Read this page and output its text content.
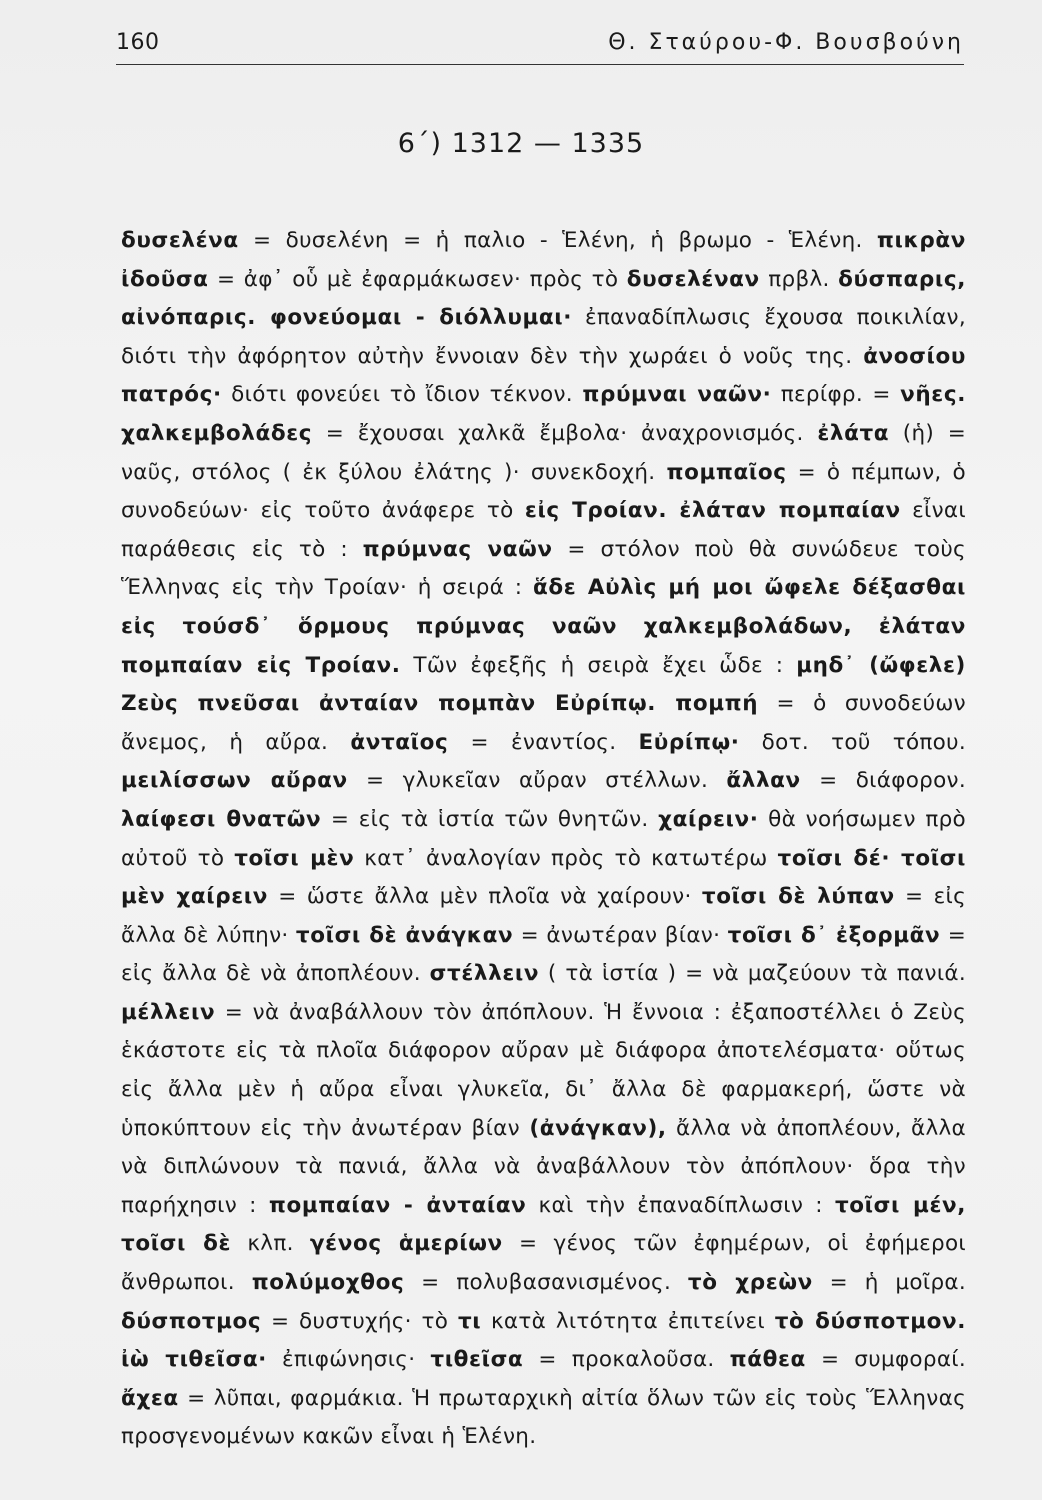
160	Θ. Σταύρου-Φ. Βουσβούνη
6΄) 1312 — 1335

δυσελένα = δυσελένη = ἡ παλιο - Ἑλένη, ἡ βρωμο - Ἑλένη. πικρὰν ἰδοῦσα = ἀφ᾽ οὗ μὲ ἐφαρμάκωσεν· πρὸς τὸ δυσελέναν πρβλ. δύσπαρις, αἰνόπαρις. φονεύομαι - διόλλυμαι· ἐπαναδίπλωσις ἔχουσα ποικιλίαν, διότι τὴν ἀφόρητον αὐτὴν ἔννοιαν δὲν τὴν χωράει ὁ νοῦς της. ἀνοσίου πατρός· διότι φονεύει τὸ ἴδιον τέκνον. πρύμναι ναῶν· περίφρ. = νῆες. χαλκεμβολάδες = ἔχουσαι χαλκᾶ ἔμβολα· ἀναχρονισμός. ἐλάτα (ἡ) = ναῦς, στόλος ( ἐκ ξύλου ἐλάτης )· συνεκδοχή. πομπαῖος = ὁ πέμπων, ὁ συνοδεύων· εἰς τοῦτο ἀνάφερε τὸ εἰς Τροίαν. ἐλάταν πομπαίαν εἶναι παράθεσις εἰς τὸ : πρύμνας ναῶν = στόλον ποὺ θὰ συνώδευε τοὺς Ἕλληνας εἰς τὴν Τροίαν· ἡ σειρά : ἅδε Αὐλὶς μή μοι ὤφελε δέξασθαι εἰς τούσδ᾽ ὅρμους πρύμνας ναῶν χαλκεμβολάδων, ἐλάταν πομπαίαν εἰς Τροίαν. Τῶν ἐφεξῆς ἡ σειρὰ ἔχει ὧδε : μηδ᾽ (ὤφελε) Ζεὺς πνεῦσαι ἀνταίαν πομπὰν Εὐρίπῳ. πομπή = ὁ συνοδεύων ἄνεμος, ἡ αὔρα. ἀνταῖος = ἐναντίος. Εὐρίπῳ· δοτ. τοῦ τόπου. μειλίσσων αὔραν = γλυκεῖαν αὔραν στέλλων. ἄλλαν = διάφορον. λαίφεσι θνατῶν = εἰς τὰ ἱστία τῶν θνητῶν. χαίρειν· θὰ νοήσωμεν πρὸ αὐτοῦ τὸ τοῖσι μὲν κατ᾽ ἀναλογίαν πρὸς τὸ κατωτέρω τοῖσι δέ· τοῖσι μὲν χαίρειν = ὥστε ἄλλα μὲν πλοῖα νὰ χαίρουν· τοῖσι δὲ λύπαν = εἰς ἄλλα δὲ λύπην· τοῖσι δὲ ἀνάγκαν = ἀνωτέραν βίαν· τοῖσι δ᾽ ἐξορμᾶν = εἰς ἄλλα δὲ νὰ ἀποπλέουν. στέλλειν ( τὰ ἱστία ) = νὰ μαζεύουν τὰ πανιά. μέλλειν = νὰ ἀναβάλλουν τὸν ἀπόπλουν. Ἡ ἔννοια : ἐξαποστέλλει ὁ Ζεὺς ἑκάστοτε εἰς τὰ πλοῖα διάφορον αὔραν μὲ διάφορα ἀποτελέσματα· οὕτως εἰς ἄλλα μὲν ἡ αὔρα εἶναι γλυκεῖα, δι᾽ ἄλλα δὲ φαρμακερή, ὥστε νὰ ὑποκύπτουν εἰς τὴν ἀνωτέραν βίαν (ἀνάγκαν), ἄλλα νὰ ἀποπλέουν, ἄλλα νὰ διπλώνουν τὰ πανιά, ἄλλα νὰ ἀναβάλλουν τὸν ἀπόπλουν· ὅρα τὴν παρήχησιν : πομπαίαν - ἀνταίαν καὶ τὴν ἐπαναδίπλωσιν : τοῖσι μέν, τοῖσι δὲ κλπ. γένος ἁμερίων = γένος τῶν ἐφημέρων, οἱ ἐφήμεροι ἄνθρωποι. πολύμοχθος = πολυβασανισμένος. τὸ χρεὼν = ἡ μοῖρα. δύσποτμος = δυστυχής· τὸ τι κατὰ λιτότητα ἐπιτείνει τὸ δύσποτμον. ἰὼ τιθεῖσα· ἐπιφώνησις· τιθεῖσα = προκαλοῦσα. πάθεα = συμφοραί. ἄχεα = λῦπαι, φαρμάκια. Ἡ πρωταρχικὴ αἰτία ὅλων τῶν εἰς τοὺς Ἕλληνας προσγενομένων κακῶν εἶναι ἡ Ἑλένη.
